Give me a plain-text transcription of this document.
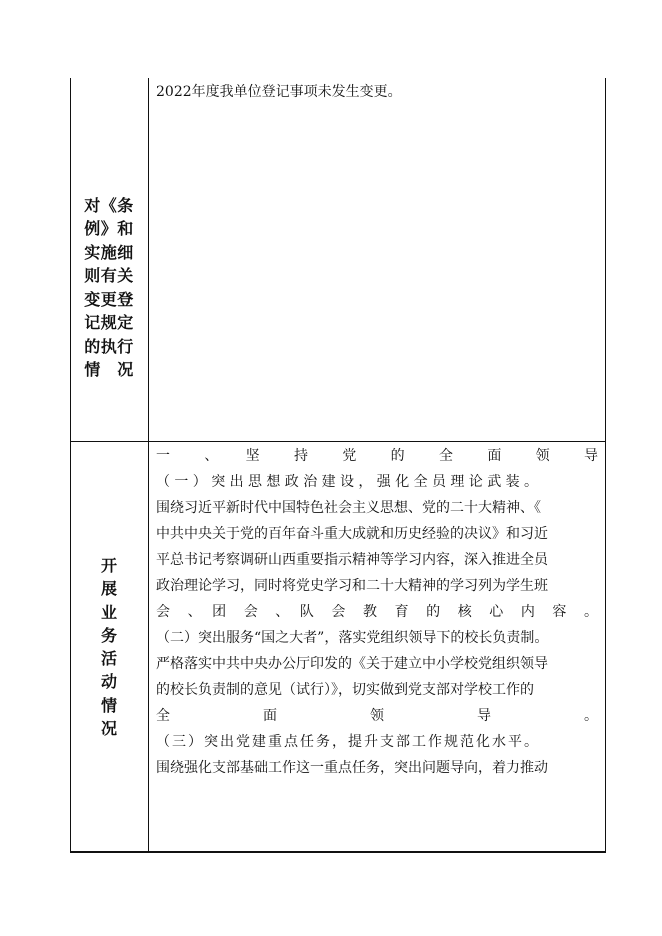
对《条
例》和
实施细
则有关
变更登
记规定
的执行
情　况
2022年度我单位登记事项未发生变更。
开
展
业
务
活
动
情
况
一　、　坚　持　党　的　全　面　领　导
（一）突出思想政治建设，强化全员理论武装。
围绕习近平新时代中国特色社会主义思想、党的二十大精神、《
中共中央关于党的百年奋斗重大成就和历史经验的决议》和习近
平总书记考察调研山西重要指示精神等学习内容，深入推进全员
政治理论学习，同时将党史学习和二十大精神的学习列为学生班
会　、　团　会　、　队　会　教　育　的　核　心　内　容　。
（二）突出服务“国之大者”，落实党组织领导下的校长负责制。
严格落实中共中央办公厅印发的《关于建立中小学校党组织领导
的校长负责制的意见（试行）》，切实做到党支部对学校工作的
全　　　面　　　领　　　导　　　。
（三）突出党建重点任务，提升支部工作规范化水平。
围绕强化支部基础工作这一重点任务，突出问题导向，着力推动
